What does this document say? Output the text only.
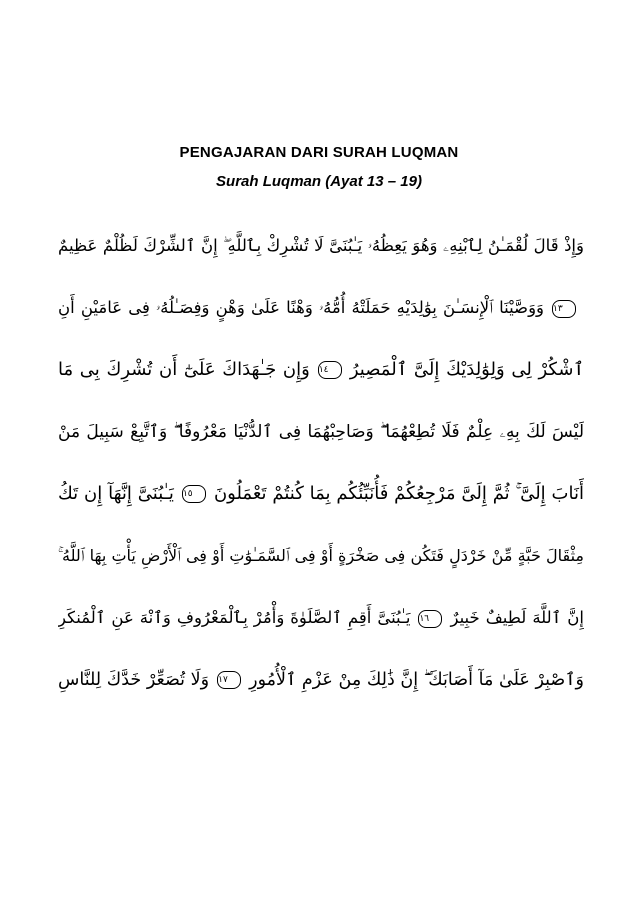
PENGAJARAN DARI SURAH LUQMAN
Surah Luqman (Ayat 13 – 19)
وَإِذْ قَالَ لُقْمَـٰنُ لِٱبْنِهِۦ وَهُوَ يَعِظُهُۥ يَـٰبُنَىَّ لَا تُشْرِكْ بِٱللَّهِ ۖ إِنَّ ٱلشِّرْكَ لَظُلْمٌ عَظِيمٌ
١٣وَوَصَّيْنَا ٱلْإِنسَـٰنَ بِوَٰلِدَيْهِ حَمَلَتْهُ أُمُّهُۥ وَهْنًا عَلَىٰ وَهْنٍ وَفِصَـٰلُهُۥ فِى عَامَيْنِ أَنِ
ٱشْكُرْ لِى وَلِوَٰلِدَيْكَ إِلَىَّ ٱلْمَصِيرُ١٤وَإِن جَـٰهَدَاكَ عَلَىٰٓ أَن تُشْرِكَ بِى مَا
لَيْسَ لَكَ بِهِۦ عِلْمٌ فَلَا تُطِعْهُمَا ۖ وَصَاحِبْهُمَا فِى ٱلدُّنْيَا مَعْرُوفًا ۖ وَٱتَّبِعْ سَبِيلَ مَنْ
أَنَابَ إِلَىَّ ۚ ثُمَّ إِلَىَّ مَرْجِعُكُمْ فَأُنَبِّئُكُم بِمَا كُنتُمْ تَعْمَلُونَ١٥يَـٰبُنَىَّ إِنَّهَآ إِن تَكُ
مِثْقَالَ حَبَّةٍ مِّنْ خَرْدَلٍ فَتَكُن فِى صَخْرَةٍ أَوْ فِى ٱلسَّمَـٰوَٰتِ أَوْ فِى ٱلْأَرْضِ يَأْتِ بِهَا ٱللَّهُ ۚ
إِنَّ ٱللَّهَ لَطِيفٌ خَبِيرٌ١٦يَـٰبُنَىَّ أَقِمِ ٱلصَّلَوٰةَ وَأْمُرْ بِٱلْمَعْرُوفِ وَٱنْهَ عَنِ ٱلْمُنكَرِ
وَٱصْبِرْ عَلَىٰ مَآ أَصَابَكَ ۖ إِنَّ ذَٰلِكَ مِنْ عَزْمِ ٱلْأُمُورِ١٧وَلَا تُصَعِّرْ خَدَّكَ لِلنَّاسِ
